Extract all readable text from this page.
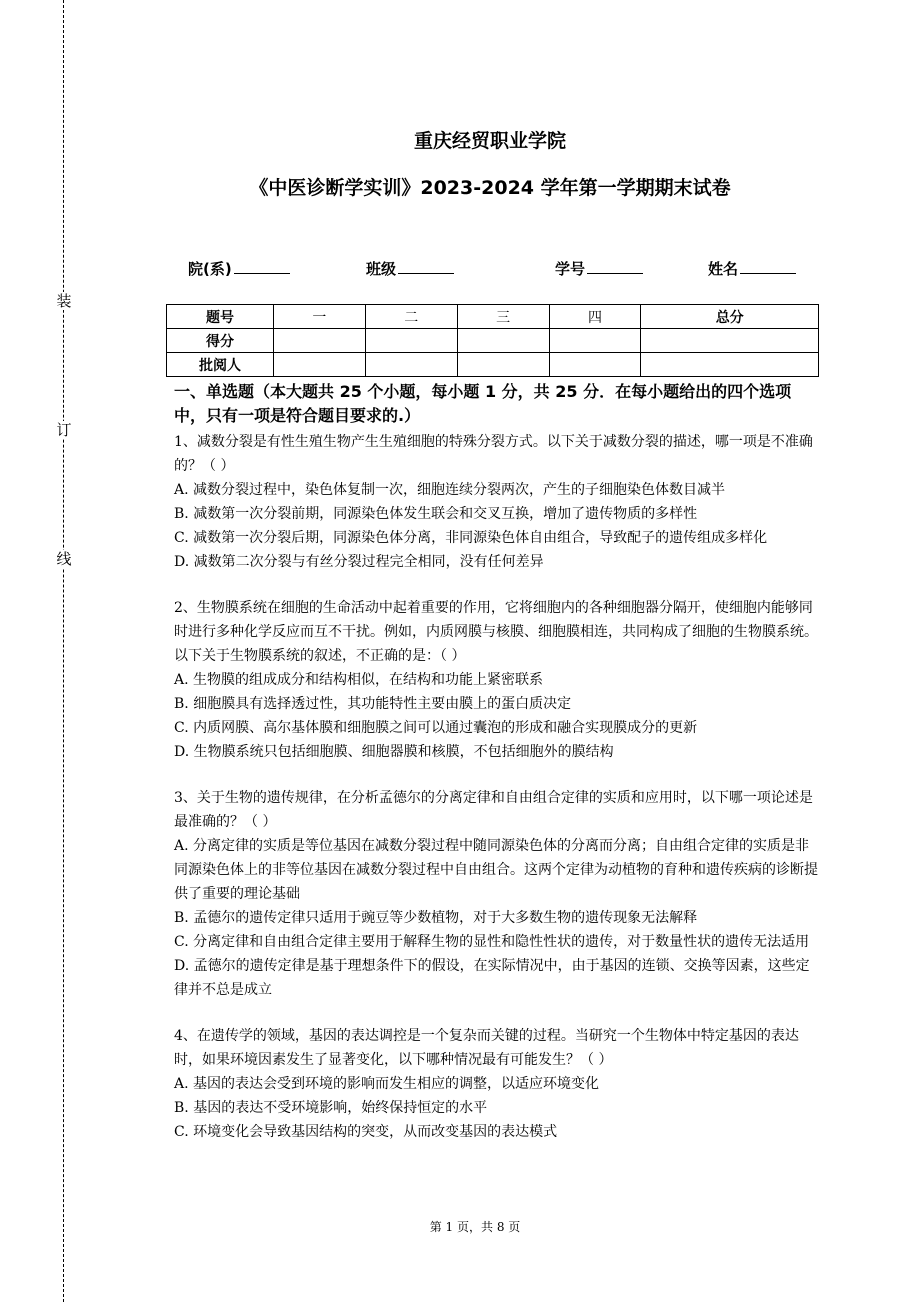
装
订
线
重庆经贸职业学院
《中医诊断学实训》2023-2024 学年第一学期期末试卷
院(系)	班级	学号	姓名
题号	一	二	三	四	总分
得分					
批阅人					

一、单选题（本大题共 25 个小题，每小题 1 分，共 25 分．在每小题给出的四个选项中，只有一项是符合题目要求的.）

1、减数分裂是有性生殖生物产生生殖细胞的特殊分裂方式。以下关于减数分裂的描述，哪一项是不准确的？（ ）

A. 减数分裂过程中，染色体复制一次，细胞连续分裂两次，产生的子细胞染色体数目减半

B. 减数第一次分裂前期，同源染色体发生联会和交叉互换，增加了遗传物质的多样性

C. 减数第一次分裂后期，同源染色体分离，非同源染色体自由组合，导致配子的遗传组成多样化

D. 减数第二次分裂与有丝分裂过程完全相同，没有任何差异

2、生物膜系统在细胞的生命活动中起着重要的作用，它将细胞内的各种细胞器分隔开，使细胞内能够同时进行多种化学反应而互不干扰。例如，内质网膜与核膜、细胞膜相连，共同构成了细胞的生物膜系统。以下关于生物膜系统的叙述，不正确的是：（ ）

A. 生物膜的组成成分和结构相似，在结构和功能上紧密联系

B. 细胞膜具有选择透过性，其功能特性主要由膜上的蛋白质决定

C. 内质网膜、高尔基体膜和细胞膜之间可以通过囊泡的形成和融合实现膜成分的更新

D. 生物膜系统只包括细胞膜、细胞器膜和核膜，不包括细胞外的膜结构

3、关于生物的遗传规律，在分析孟德尔的分离定律和自由组合定律的实质和应用时，以下哪一项论述是最准确的？（ ）

A. 分离定律的实质是等位基因在减数分裂过程中随同源染色体的分离而分离；自由组合定律的实质是非同源染色体上的非等位基因在减数分裂过程中自由组合。这两个定律为动植物的育种和遗传疾病的诊断提供了重要的理论基础

B. 孟德尔的遗传定律只适用于豌豆等少数植物，对于大多数生物的遗传现象无法解释

C. 分离定律和自由组合定律主要用于解释生物的显性和隐性性状的遗传，对于数量性状的遗传无法适用

D. 孟德尔的遗传定律是基于理想条件下的假设，在实际情况中，由于基因的连锁、交换等因素，这些定律并不总是成立

4、在遗传学的领域，基因的表达调控是一个复杂而关键的过程。当研究一个生物体中特定基因的表达时，如果环境因素发生了显著变化，以下哪种情况最有可能发生？（ ）

A. 基因的表达会受到环境的影响而发生相应的调整，以适应环境变化

B. 基因的表达不受环境影响，始终保持恒定的水平

C. 环境变化会导致基因结构的突变，从而改变基因的表达模式

第 1 页，共 8 页
